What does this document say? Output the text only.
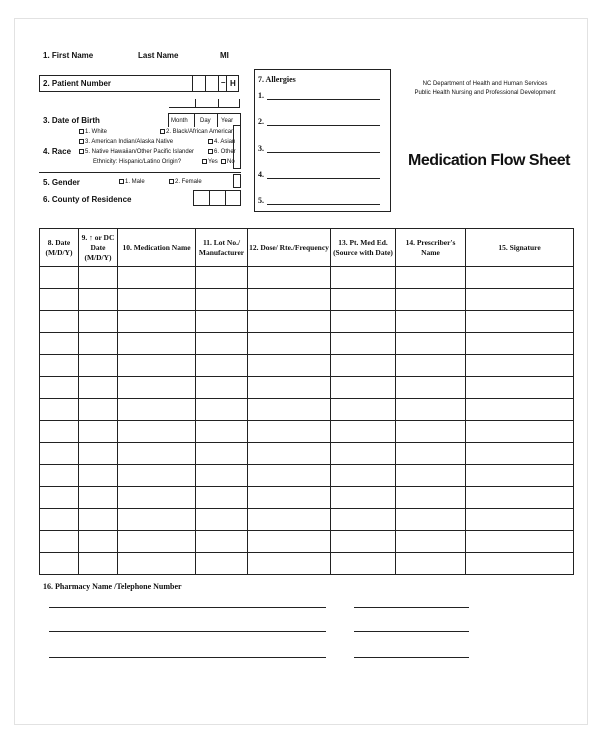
1. First Name	Last Name	MI
2. Patient Number	– H
3. Date of Birth	Month Day Year
4. Race
1. White	2. Black/African American
3. American Indian/Alaska Native	4. Asian
5. Native Hawaiian/Other Pacific Islander	6. Other
Ethnicity: Hispanic/Latino Origin?	Yes	No
5. Gender	1. Male	2. Female
6. County of Residence
7. Allergies
1.
2.
3.
4.
5.
NC Department of Health and Human Services
Public Health Nursing and Professional Development
Medication Flow Sheet
8. Date (M/D/Y)	9. ↑ or DC Date (M/D/Y)	10. Medication Name	11. Lot No./ Manufacturer	12. Dose/ Rte./Frequency	13. Pt. Med Ed. (Source with Date)	14. Prescriber's Name	15. Signature

16. Pharmacy Name /Telephone Number
